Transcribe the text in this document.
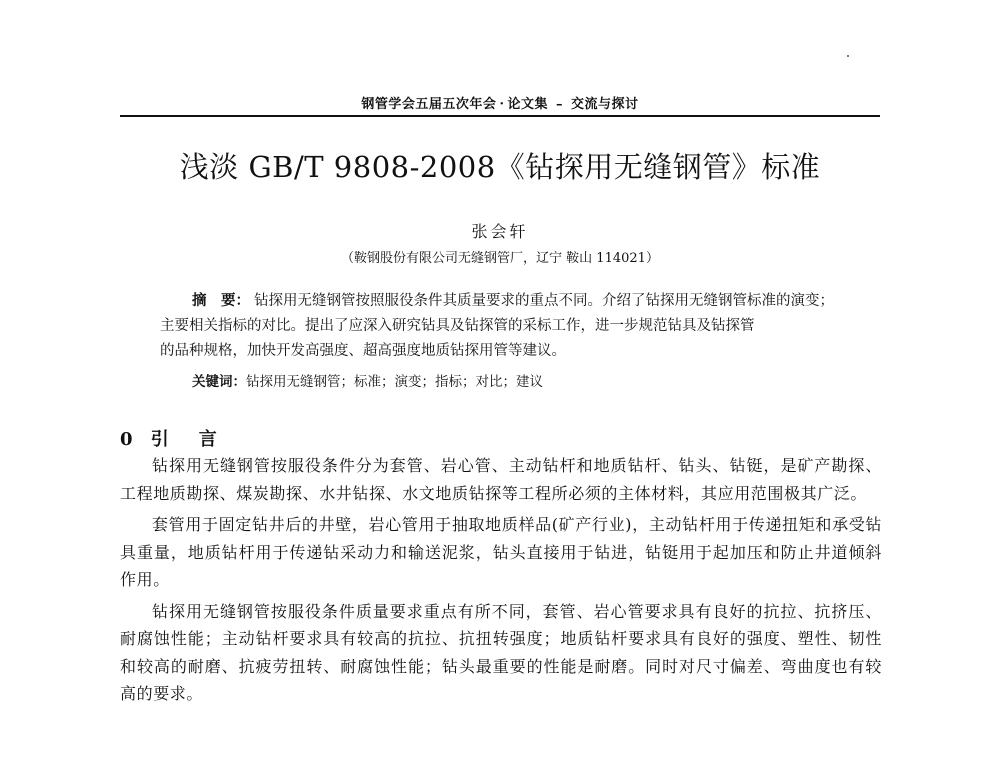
钢管学会五届五次年会 · 论文集 – 交流与探讨
浅淡 GB/T 9808-2008《钻探用无缝钢管》标准
张会轩
（鞍钢股份有限公司无缝钢管厂，辽宁 鞍山 114021）
摘　要： 钻探用无缝钢管按照服役条件其质量要求的重点不同。介绍了钻探用无缝钢管标准的演变；
主要相关指标的对比。提出了应深入研究钻具及钻探管的采标工作，进一步规范钻具及钻探管
的品种规格，加快开发高强度、超高强度地质钻探用管等建议。
关键词：钻探用无缝钢管；标准；演变；指标；对比；建议
0 引　言

钻探用无缝钢管按服役条件分为套管、岩心管、主动钻杆和地质钻杆、钻头、钻铤，是矿产勘探、工程地质勘探、煤炭勘探、水井钻探、水文地质钻探等工程所必须的主体材料，其应用范围极其广泛。

套管用于固定钻井后的井壁，岩心管用于抽取地质样品(矿产行业)，主动钻杆用于传递扭矩和承受钻具重量，地质钻杆用于传递钻采动力和输送泥浆，钻头直接用于钻进，钻铤用于起加压和防止井道倾斜作用。

钻探用无缝钢管按服役条件质量要求重点有所不同，套管、岩心管要求具有良好的抗拉、抗挤压、耐腐蚀性能；主动钻杆要求具有较高的抗拉、抗扭转强度；地质钻杆要求具有良好的强度、塑性、韧性和较高的耐磨、抗疲劳扭转、耐腐蚀性能；钻头最重要的性能是耐磨。同时对尺寸偏差、弯曲度也有较高的要求。
